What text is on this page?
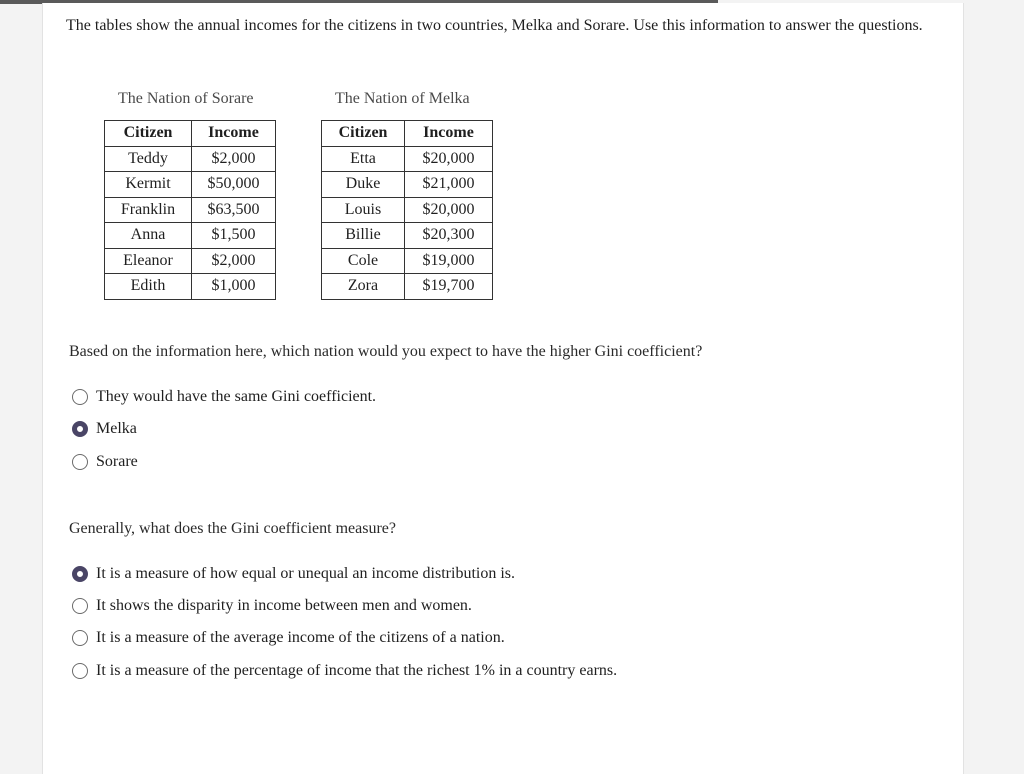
The tables show the annual incomes for the citizens in two countries, Melka and Sorare. Use this information to answer the questions.
The Nation of Sorare	The Nation of Melka
Citizen	Income
Teddy	$2,000
Kermit	$50,000
Franklin	$63,500
Anna	$1,500
Eleanor	$2,000
Edith	$1,000
Citizen	Income
Etta	$20,000
Duke	$21,000
Louis	$20,000
Billie	$20,300
Cole	$19,000
Zora	$19,700
Based on the information here, which nation would you expect to have the higher Gini coefficient?
They would have the same Gini coefficient.
Melka
Sorare
Generally, what does the Gini coefficient measure?
It is a measure of how equal or unequal an income distribution is.
It shows the disparity in income between men and women.
It is a measure of the average income of the citizens of a nation.
It is a measure of the percentage of income that the richest 1% in a country earns.
